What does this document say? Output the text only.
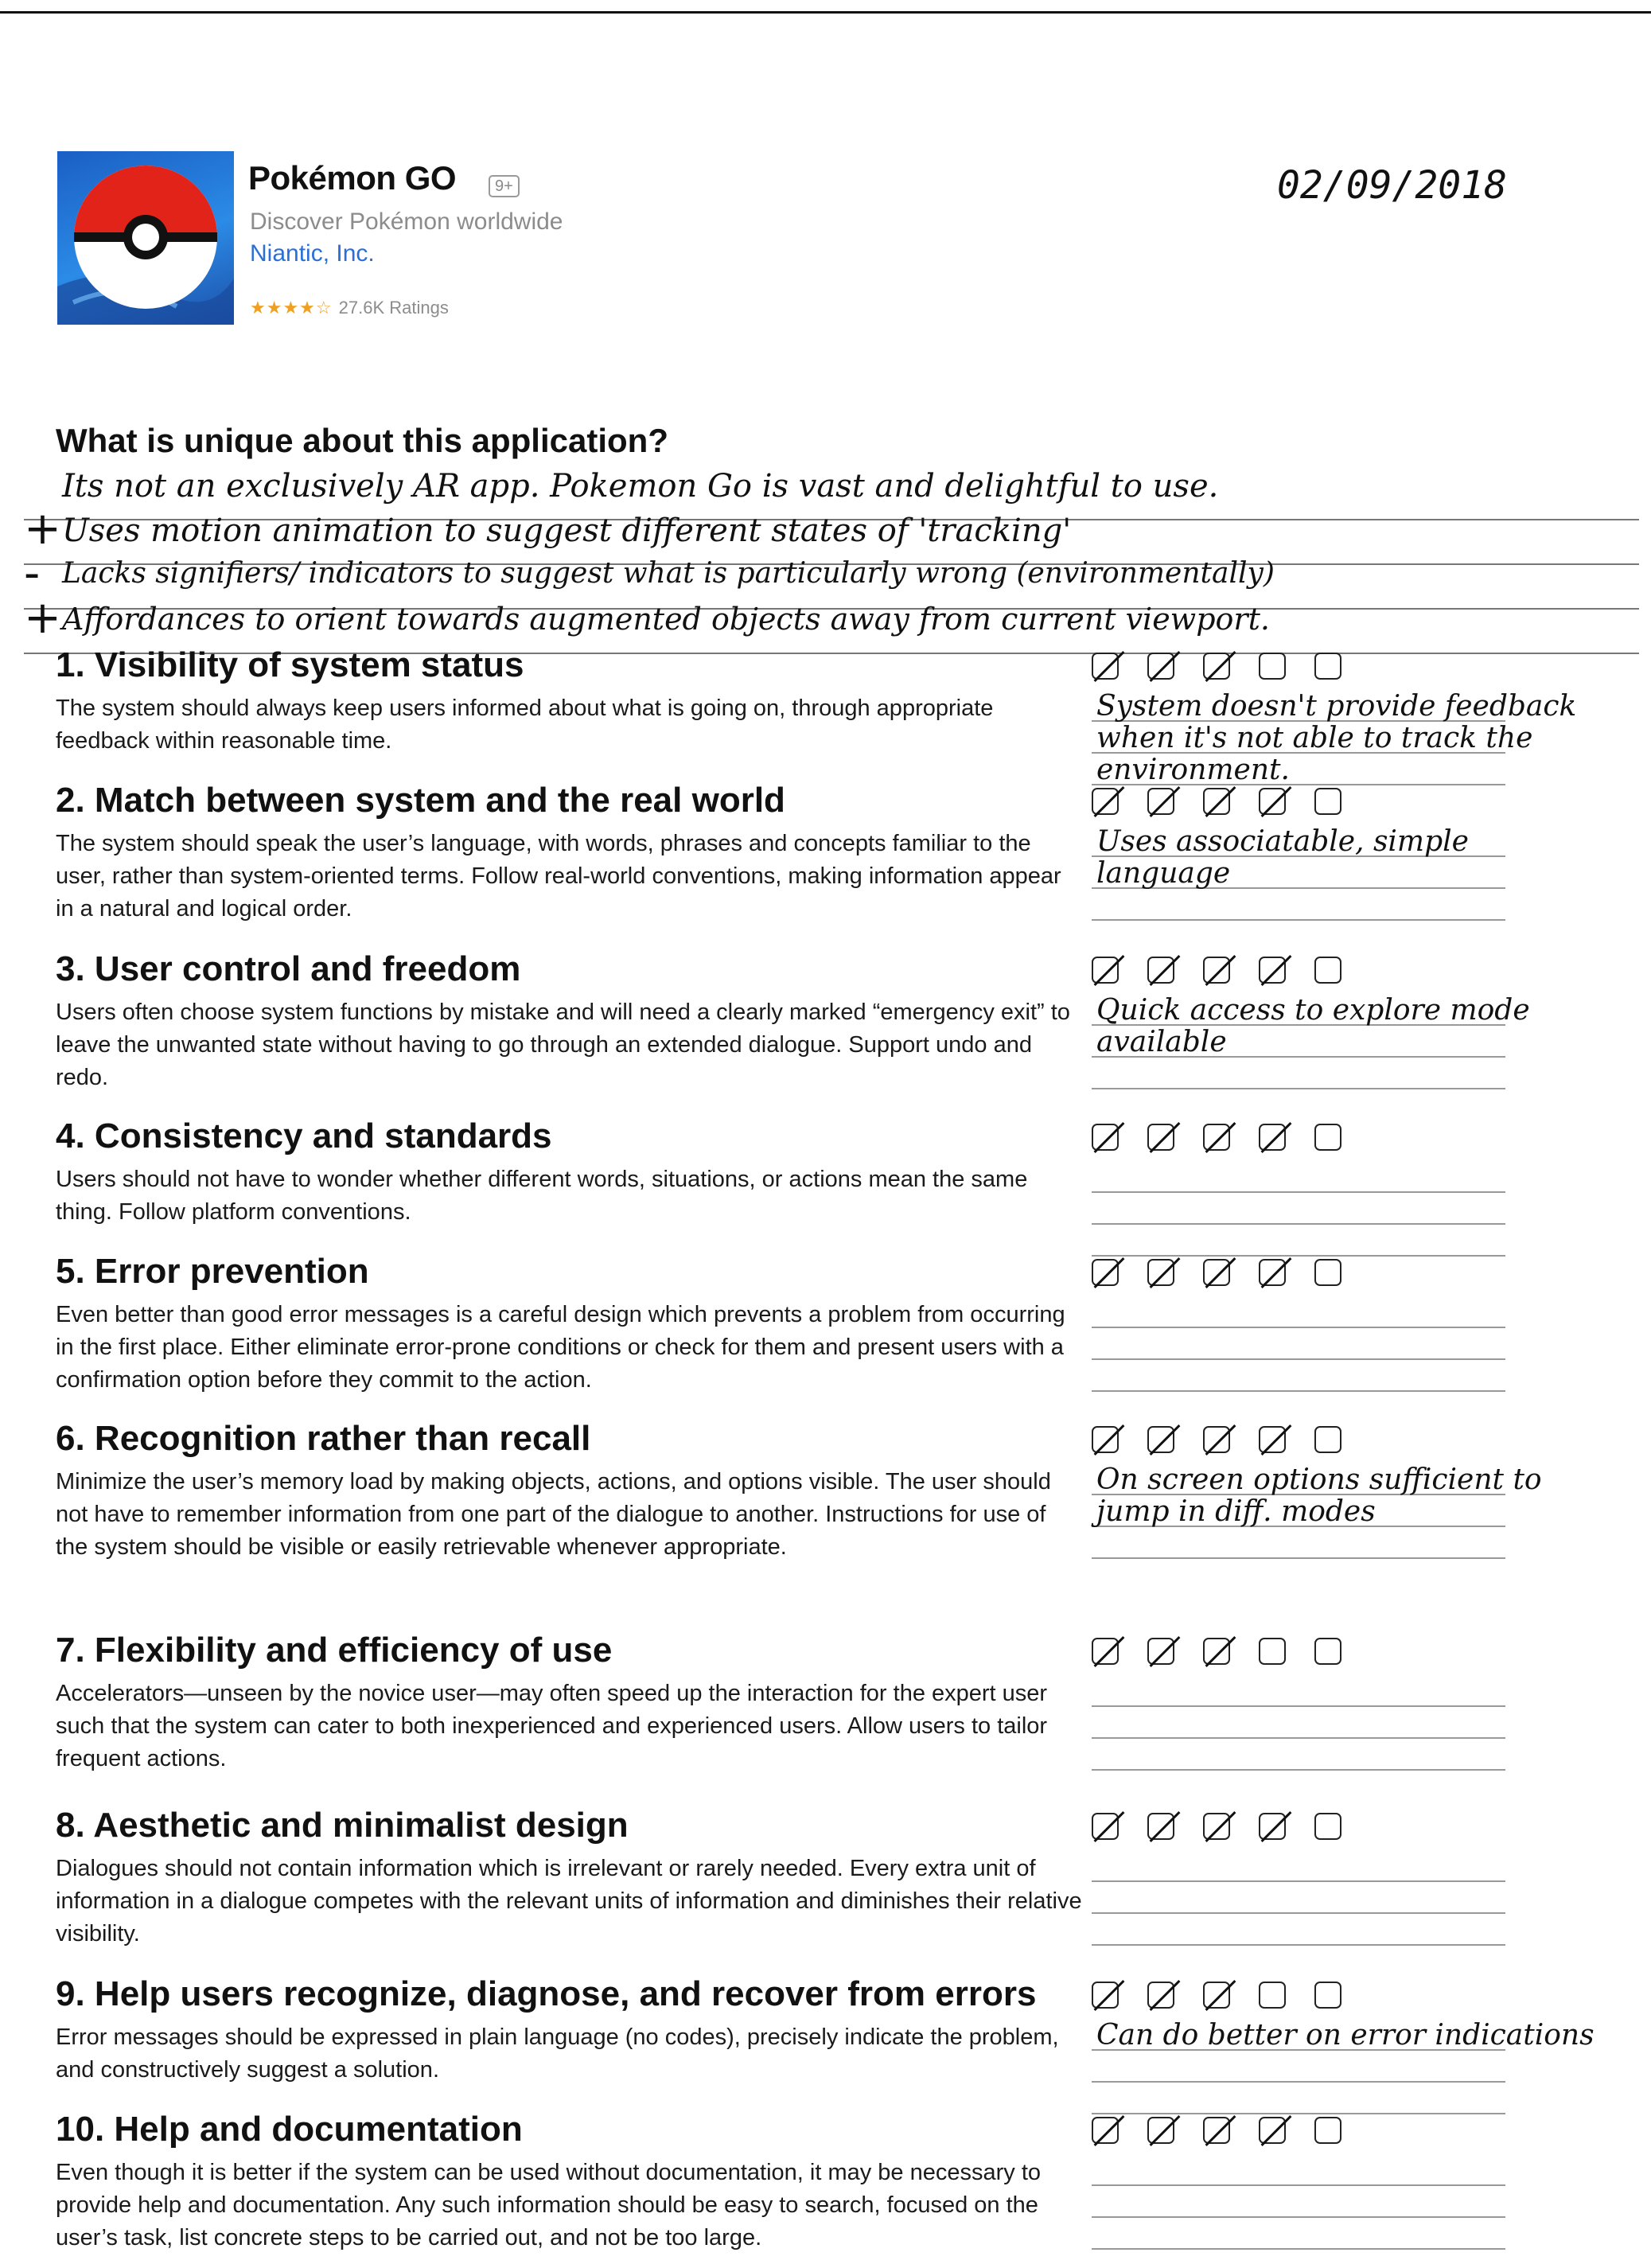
Pokémon GO	9+
Discover Pokémon worldwide
Niantic, Inc.
★★★★☆ 27.6K Ratings
02/09/2018
What is unique about this application?
Its not an exclusively AR app. Pokemon Go is vast and delightful to use.
+ Uses motion animation to suggest different states of 'tracking'
- Lacks signifiers/ indicators to suggest what is particularly wrong (environmentally)
+ Affordances to orient towards augmented objects away from current viewport.
1. Visibility of system status

The system should always keep users informed about what is going on, through appropriate feedback within reasonable time.

System doesn't provide feedback when it's not able to track the environment.
2. Match between system and the real world

The system should speak the user’s language, with words, phrases and concepts familiar to the user, rather than system-oriented terms. Follow real-world conventions, making information appear in a natural and logical order.

Uses associatable, simple language
3. User control and freedom

Users often choose system functions by mistake and will need a clearly marked “emergency exit” to leave the unwanted state without having to go through an extended dialogue. Support undo and redo.

Quick access to explore mode available
4. Consistency and standards

Users should not have to wonder whether different words, situations, or actions mean the same thing. Follow platform conventions.

5. Error prevention

Even better than good error messages is a careful design which prevents a problem from occurring in the first place. Either eliminate error-prone conditions or check for them and present users with a confirmation option before they commit to the action.

6. Recognition rather than recall

Minimize the user’s memory load by making objects, actions, and options visible. The user should not have to remember information from one part of the dialogue to another. Instructions for use of the system should be visible or easily retrievable whenever appropriate.

On screen options sufficient to jump in diff. modes
7. Flexibility and efficiency of use

Accelerators—unseen by the novice user—may often speed up the interaction for the expert user such that the system can cater to both inexperienced and experienced users. Allow users to tailor frequent actions.

8. Aesthetic and minimalist design

Dialogues should not contain information which is irrelevant or rarely needed. Every extra unit of information in a dialogue competes with the relevant units of information and diminishes their relative visibility.

9. Help users recognize, diagnose, and recover from errors

Error messages should be expressed in plain language (no codes), precisely indicate the problem, and constructively suggest a solution.

Can do better on error indications
10. Help and documentation

Even though it is better if the system can be used without documentation, it may be necessary to provide help and documentation. Any such information should be easy to search, focused on the user’s task, list concrete steps to be carried out, and not be too large.
